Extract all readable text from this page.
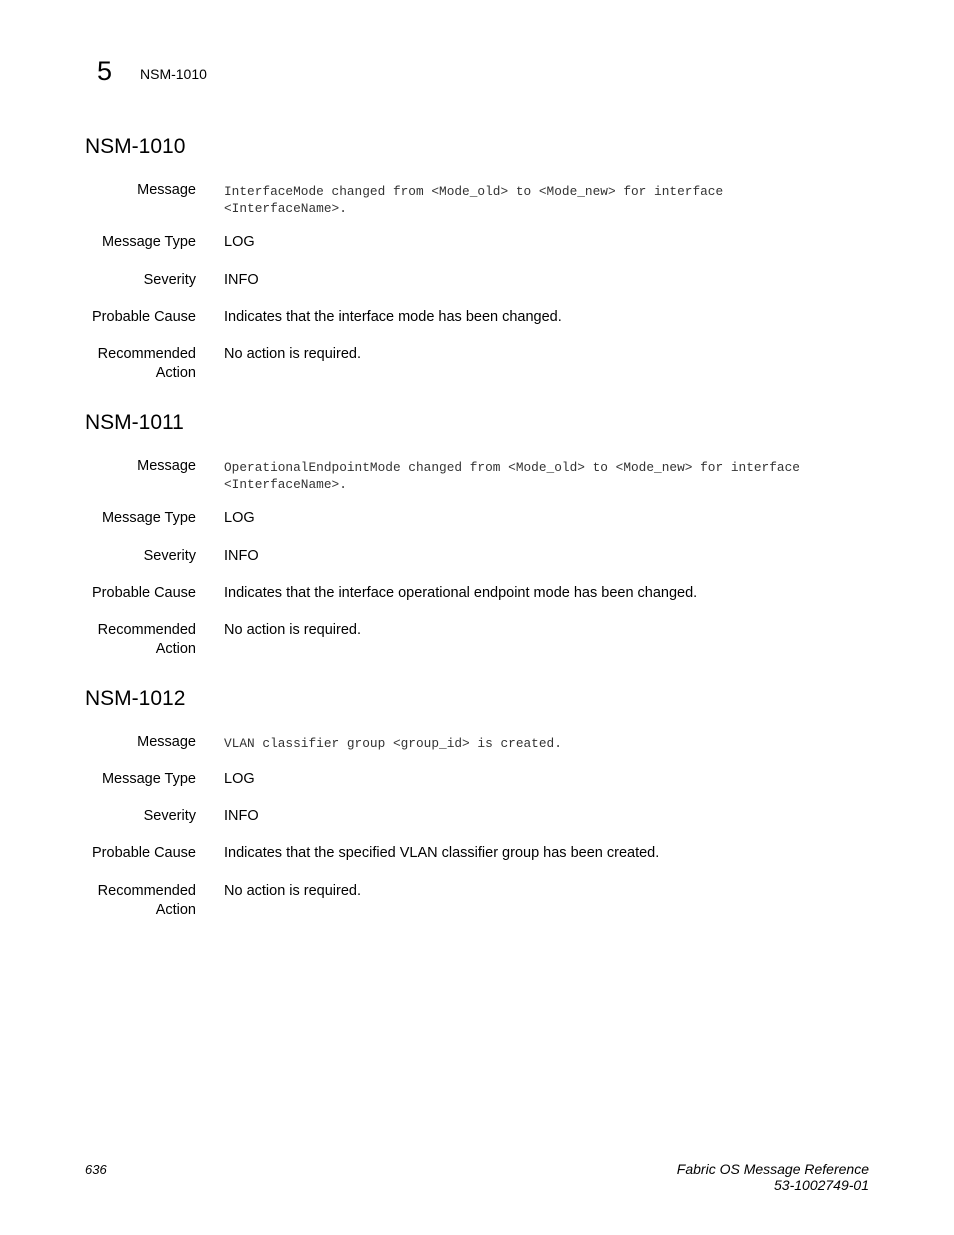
5 NSM-1010
NSM-1010
Message InterfaceMode changed from <Mode_old> to <Mode_new> for interface
<InterfaceName>.
Message Type LOG
Severity INFO
Probable Cause Indicates that the interface mode has been changed.
Recommended
Action
No action is required.
NSM-1011
Message OperationalEndpointMode changed from <Mode_old> to <Mode_new> for interface
<InterfaceName>.
Message Type LOG
Severity INFO
Probable Cause Indicates that the interface operational endpoint mode has been changed.
Recommended
Action
No action is required.
NSM-1012
Message VLAN classifier group <group_id> is created.
Message Type LOG
Severity INFO
Probable Cause Indicates that the specified VLAN classifier group has been created.
Recommended
Action
No action is required.
636	Fabric OS Message Reference
53-1002749-01
